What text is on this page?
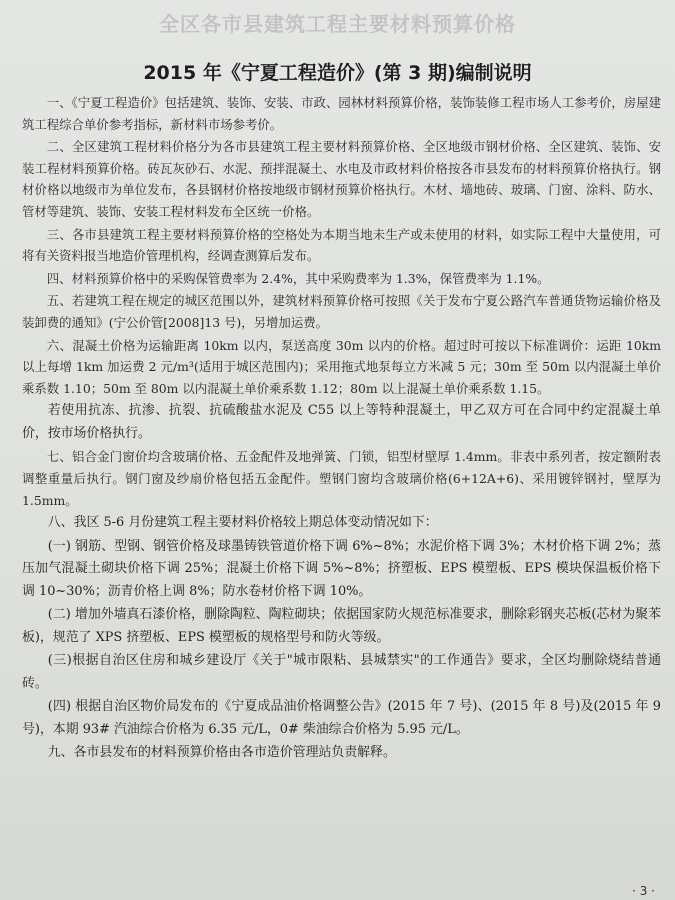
全区各市县建筑工程主要材料预算价格
2015 年《宁夏工程造价》(第 3 期)编制说明

一、《宁夏工程造价》包括建筑、装饰、安装、市政、园林材料预算价格，装饰装修工程市场人工参考价，房屋建筑工程综合单价参考指标，新材料市场参考价。

二、全区建筑工程材料价格分为各市县建筑工程主要材料预算价格、全区地级市钢材价格、全区建筑、装饰、安装工程材料预算价格。砖瓦灰砂石、水泥、预拌混凝土、水电及市政材料价格按各市县发布的材料预算价格执行。钢材价格以地级市为单位发布，各县钢材价格按地级市钢材预算价格执行。木材、墙地砖、玻璃、门窗、涂料、防水、管材等建筑、装饰、安装工程材料发布全区统一价格。

三、各市县建筑工程主要材料预算价格的空格处为本期当地未生产或未使用的材料，如实际工程中大量使用，可将有关资料报当地造价管理机构，经调查测算后发布。

四、材料预算价格中的采购保管费率为 2.4%，其中采购费率为 1.3%，保管费率为 1.1%。

五、若建筑工程在规定的城区范围以外，建筑材料预算价格可按照《关于发布宁夏公路汽车普通货物运输价格及装卸费的通知》(宁公价管[2008]13 号)，另增加运费。

六、混凝土价格为运输距离 10km 以内，泵送高度 30m 以内的价格。超过时可按以下标准调价：运距 10km 以上每增 1km 加运费 2 元/m³(适用于城区范围内)；采用拖式地泵每立方米减 5 元；30m 至 50m 以内混凝土单价乘系数 1.10；50m 至 80m 以内混凝土单价乘系数 1.12；80m 以上混凝土单价乘系数 1.15。

若使用抗冻、抗渗、抗裂、抗硫酸盐水泥及 C55 以上等特种混凝土，甲乙双方可在合同中约定混凝土单价，按市场价格执行。

七、铝合金门窗价均含玻璃价格、五金配件及地弹簧、门锁，铝型材壁厚 1.4mm。非表中系列者，按定额附表调整重量后执行。钢门窗及纱扇价格包括五金配件。塑钢门窗均含玻璃价格(6+12A+6)、采用镀锌钢衬，壁厚为 1.5mm。

八、我区 5-6 月份建筑工程主要材料价格较上期总体变动情况如下：

(一) 钢筋、型钢、钢管价格及球墨铸铁管道价格下调 6%~8%；水泥价格下调 3%；木材价格下调 2%；蒸压加气混凝土砌块价格下调 25%；混凝土价格下调 5%~8%；挤塑板、EPS 模塑板、EPS 模块保温板价格下调 10~30%；沥青价格上调 8%；防水卷材价格下调 10%。

(二) 增加外墙真石漆价格，删除陶粒、陶粒砌块；依据国家防火规范标准要求，删除彩钢夹芯板(芯材为聚苯板)，规范了 XPS 挤塑板、EPS 模塑板的规格型号和防火等级。

(三)根据自治区住房和城乡建设厅《关于"城市限粘、县城禁实"的工作通告》要求，全区均删除烧结普通砖。

(四) 根据自治区物价局发布的《宁夏成品油价格调整公告》(2015 年 7 号)、(2015 年 8 号)及(2015 年 9 号)，本期 93# 汽油综合价格为 6.35 元/L，0# 柴油综合价格为 5.95 元/L。

九、各市县发布的材料预算价格由各市造价管理站负责解释。

· 3 ·
